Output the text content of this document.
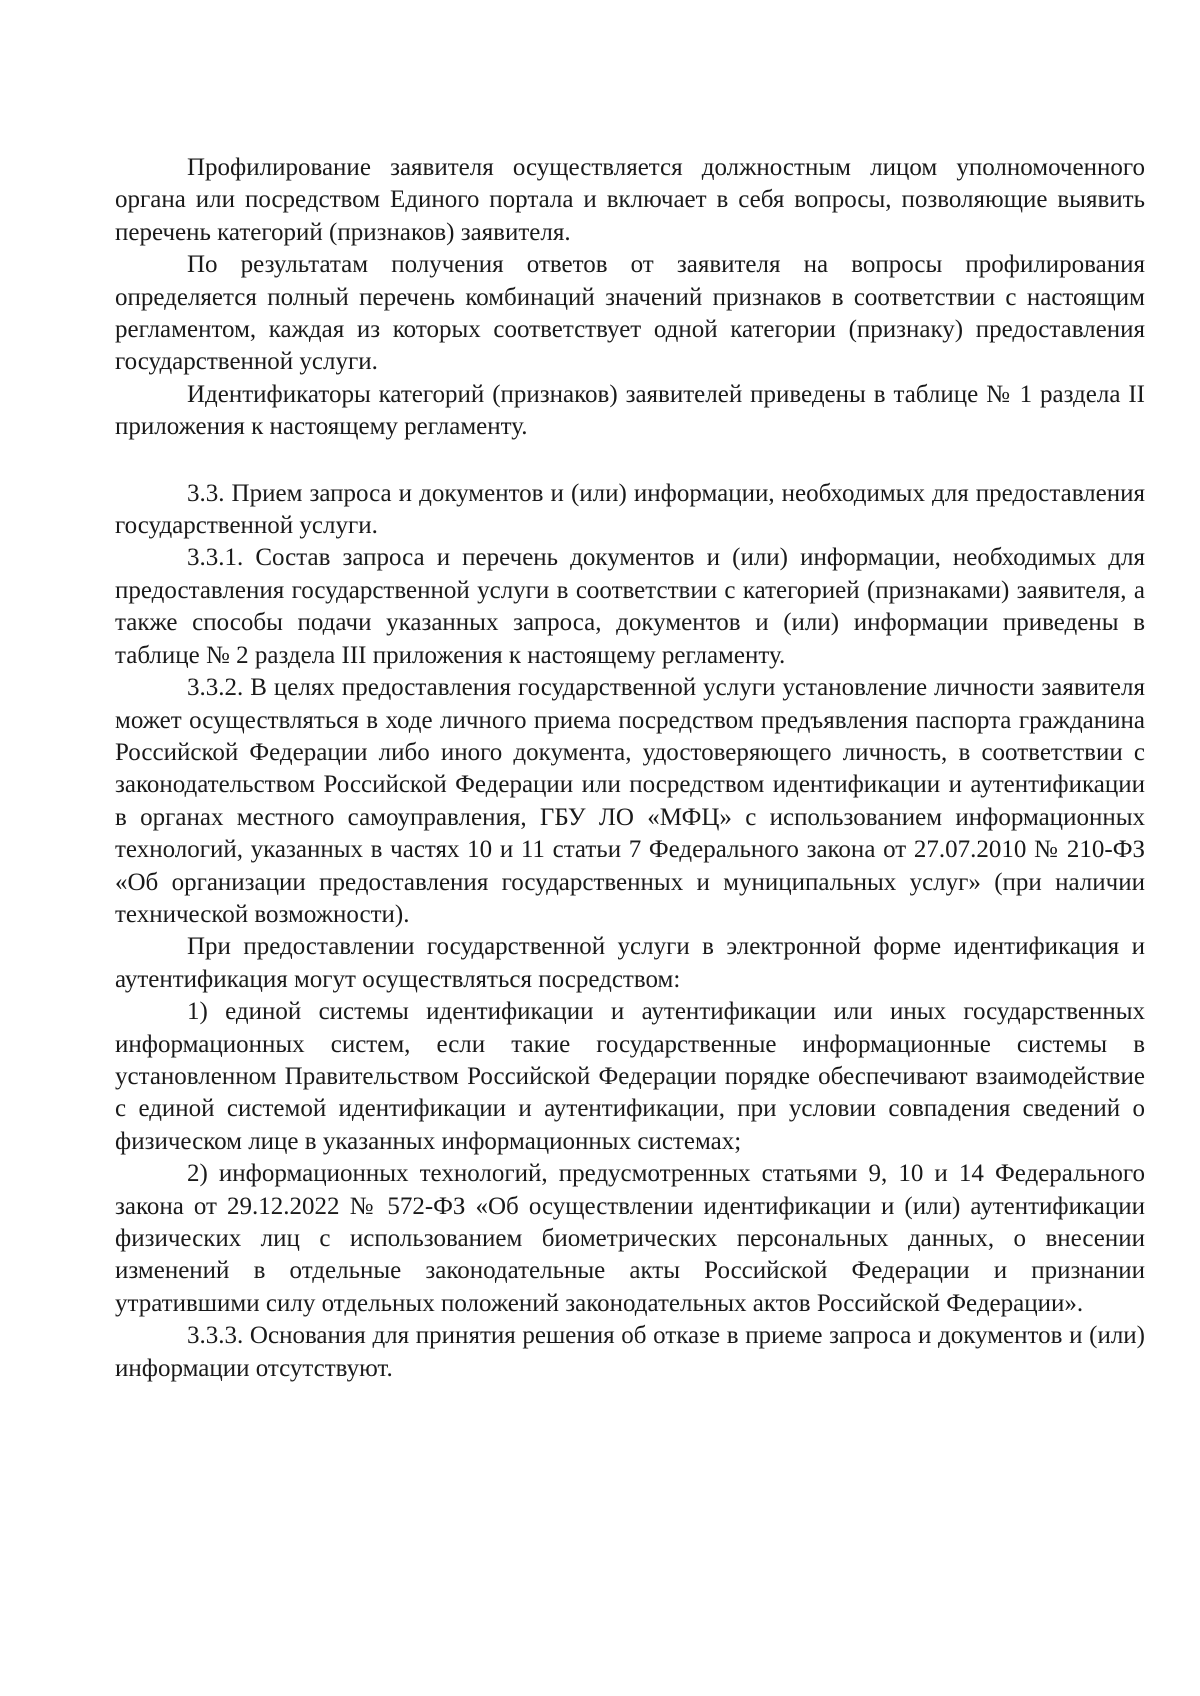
Профилирование заявителя осуществляется должностным лицом уполномоченного органа или посредством Единого портала и включает в себя вопросы, позволяющие выявить перечень категорий (признаков) заявителя.

По результатам получения ответов от заявителя на вопросы профилирования определяется полный перечень комбинаций значений признаков в соответствии с настоящим регламентом, каждая из которых соответствует одной категории (признаку) предоставления государственной услуги.

Идентификаторы категорий (признаков) заявителей приведены в таблице № 1 раздела II приложения к настоящему регламенту.

3.3. Прием запроса и документов и (или) информации, необходимых для предоставления государственной услуги.

3.3.1. Состав запроса и перечень документов и (или) информации, необходимых для предоставления государственной услуги в соответствии с категорией (признаками) заявителя, а также способы подачи указанных запроса, документов и (или) информации приведены в таблице № 2 раздела III приложения к настоящему регламенту.

3.3.2. В целях предоставления государственной услуги установление личности заявителя может осуществляться в ходе личного приема посредством предъявления паспорта гражданина Российской Федерации либо иного документа, удостоверяющего личность, в соответствии с законодательством Российской Федерации или посредством идентификации и аутентификации в органах местного самоуправления, ГБУ ЛО «МФЦ» с использованием информационных технологий, указанных в частях 10 и 11 статьи 7 Федерального закона от 27.07.2010 № 210-ФЗ «Об организации предоставления государственных и муниципальных услуг» (при наличии технической возможности).

При предоставлении государственной услуги в электронной форме идентификация и аутентификация могут осуществляться посредством:

1) единой системы идентификации и аутентификации или иных государственных информационных систем, если такие государственные информационные системы в установленном Правительством Российской Федерации порядке обеспечивают взаимодействие с единой системой идентификации и аутентификации, при условии совпадения сведений о физическом лице в указанных информационных системах;

2) информационных технологий, предусмотренных статьями 9, 10 и 14 Федерального закона от 29.12.2022 № 572-ФЗ «Об осуществлении идентификации и (или) аутентификации физических лиц с использованием биометрических персональных данных, о внесении изменений в отдельные законодательные акты Российской Федерации и признании утратившими силу отдельных положений законодательных актов Российской Федерации».

3.3.3. Основания для принятия решения об отказе в приеме запроса и документов и (или) информации отсутствуют.
